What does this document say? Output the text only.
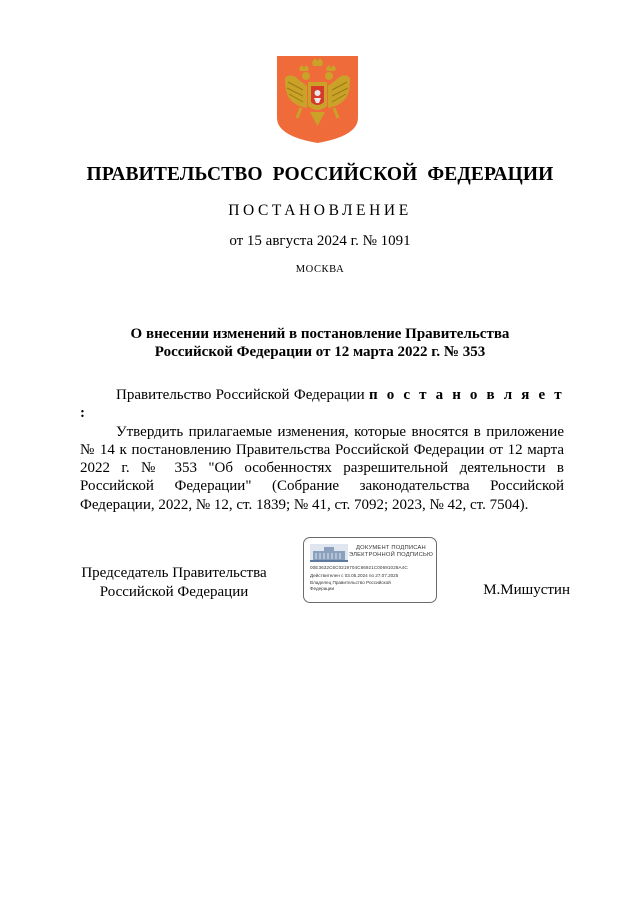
ПРАВИТЕЛЬСТВО РОССИЙСКОЙ ФЕДЕРАЦИИ
ПОСТАНОВЛЕНИЕ
от 15 августа 2024 г. № 1091
МОСКВА
О внесении изменений в постановление Правительства
Российской Федерации от 12 марта 2022 г. № 353

Правительство Российской Федерации п о с т а н о в л я е т :

Утвердить прилагаемые изменения, которые вносятся в приложение № 14 к постановлению Правительства Российской Федерации от 12 марта 2022 г. № 353 "Об особенностях разрешительной деятельности в Российской Федерации" (Собрание законодательства Российской Федерации, 2022, № 12, ст. 1839; № 41, ст. 7092; 2023, № 42, ст. 7504).

Председатель Правительства
Российской Федерации
ДОКУМЕНТ ПОДПИСАН
ЭЛЕКТРОННОЙ ПОДПИСЬЮ
00E3632C6C0219704C86921C00691028A4C
Действителен с 03.05.2024 по 27.07.2025
Владелец Правительство Российской Федерации	М.Мишустин
